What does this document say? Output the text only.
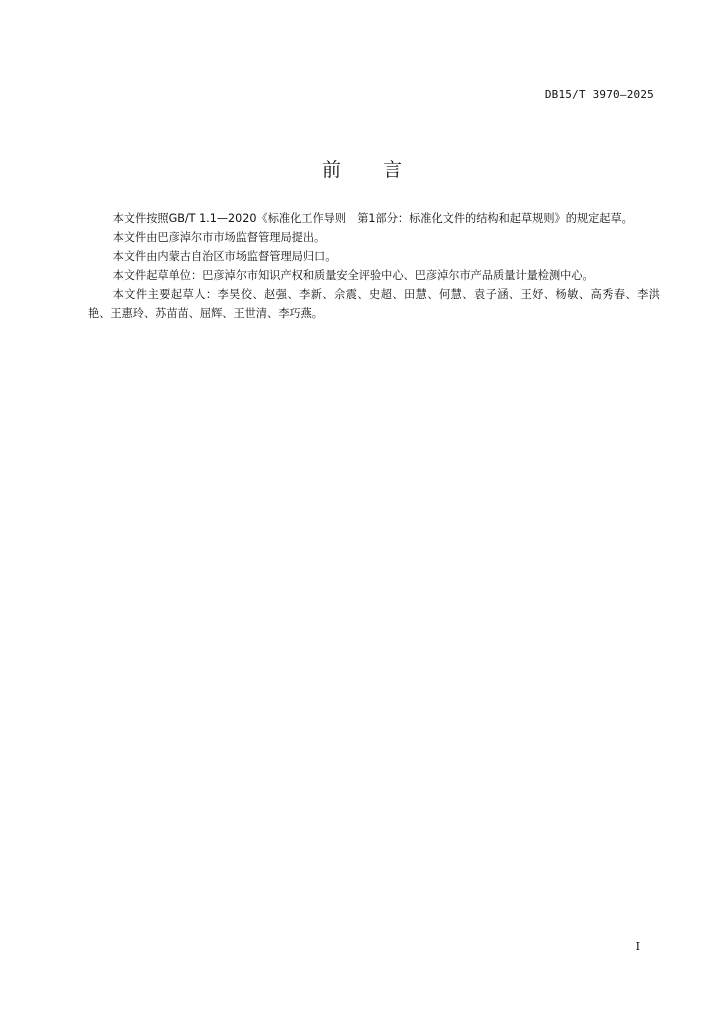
DB15/T 3970—2025
前 言

本文件按照GB/T 1.1—2020《标准化工作导则　第1部分：标准化文件的结构和起草规则》的规定起草。

本文件由巴彦淖尔市市场监督管理局提出。

本文件由内蒙古自治区市场监督管理局归口。

本文件起草单位：巴彦淖尔市知识产权和质量安全评验中心、巴彦淖尔市产品质量计量检测中心。

本文件主要起草人：李昊佼、赵强、李新、佘震、史超、田慧、何慧、袁子涵、王妤、杨敏、高秀春、李洪艳、王惠玲、苏苗苗、屈辉、王世清、李巧燕。

I
